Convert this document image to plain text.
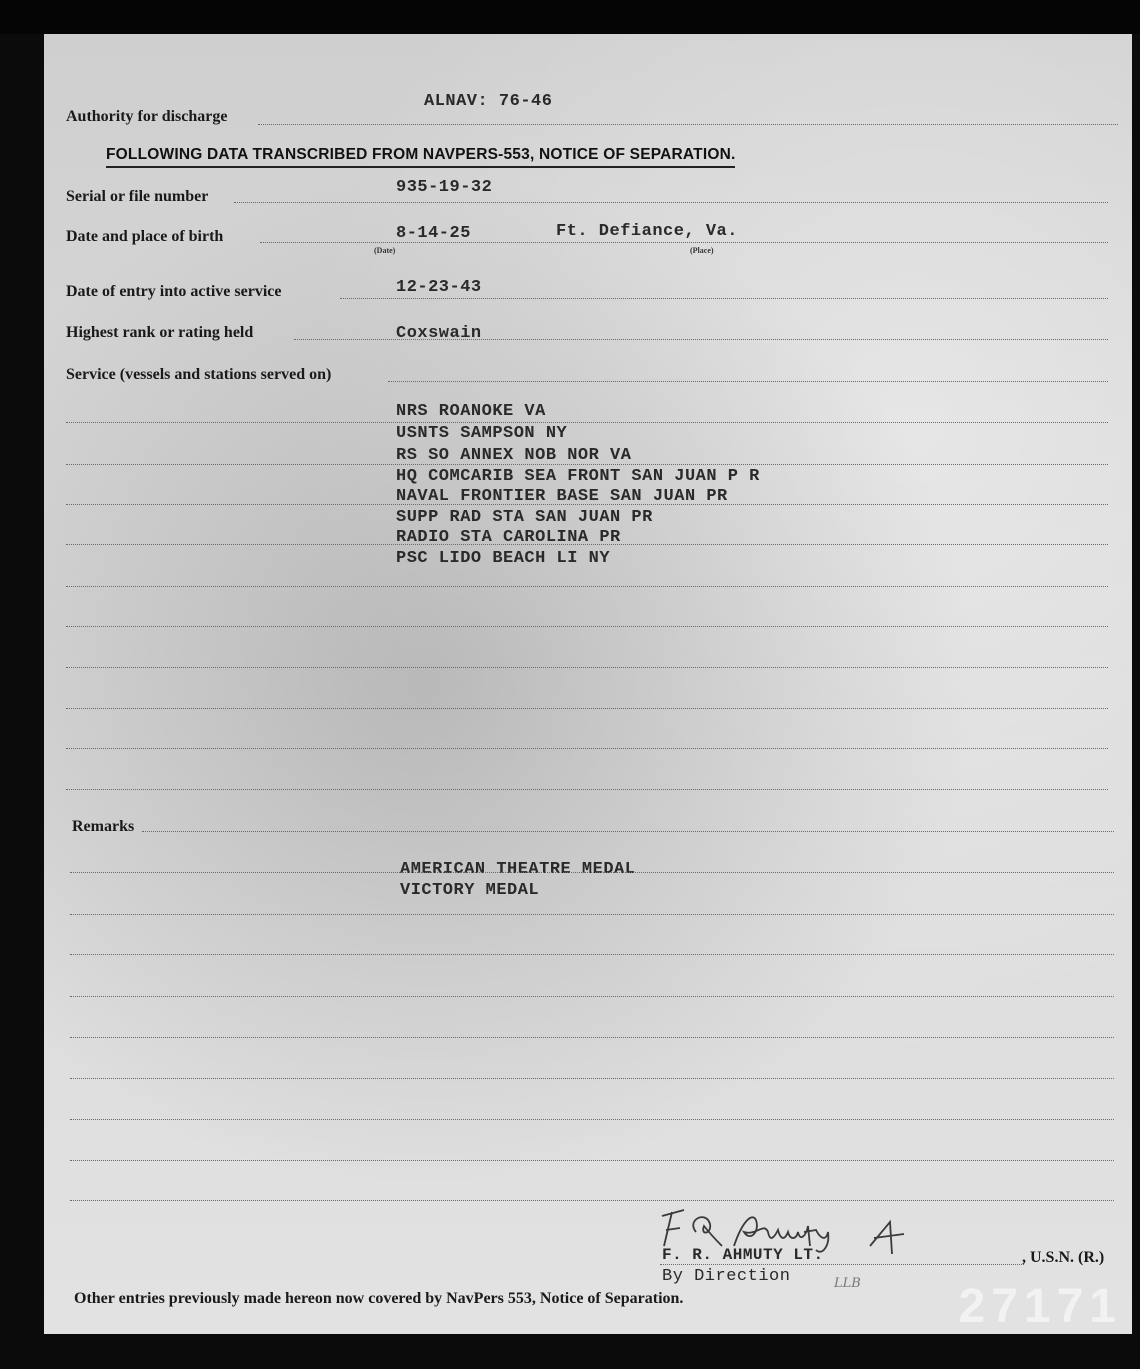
Authority for discharge
ALNAV: 76-46
FOLLOWING DATA TRANSCRIBED FROM NAVPERS-553, NOTICE OF SEPARATION.
Serial or file number	935-19-32
Date and place of birth	8-14-25	Ft. Defiance, Va.
(Date)	(Place)
Date of entry into active service	12-23-43
Highest rank or rating held	Coxswain
Service (vessels and stations served on)
NRS ROANOKE VA
USNTS SAMPSON NY
RS SO ANNEX NOB NOR VA
HQ COMCARIB SEA FRONT SAN JUAN P R
NAVAL FRONTIER BASE SAN JUAN PR
SUPP RAD STA SAN JUAN PR
RADIO STA CAROLINA PR
PSC LIDO BEACH LI NY
Remarks
AMERICAN THEATRE MEDAL
VICTORY MEDAL
F. R. AHMUTY LT.	, U.S.N. (R.)
By Direction	LLB
Other entries previously made hereon now covered by NavPers 553, Notice of Separation.	27171
